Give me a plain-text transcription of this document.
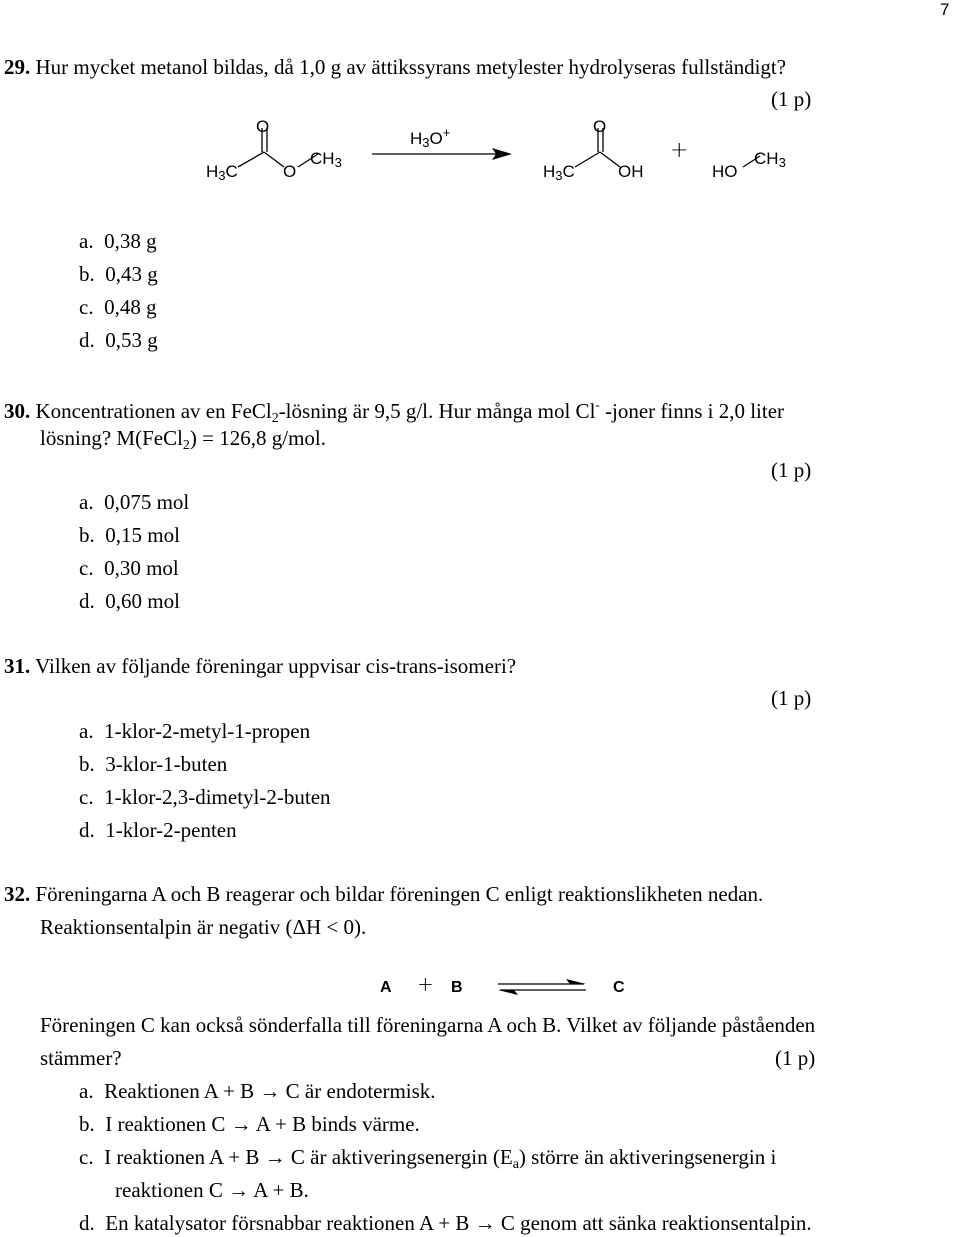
7
29. Hur mycket metanol bildas, då 1,0 g av ättikssyrans metylester hydrolyseras fullständigt?
(1 p)
O
H3C	O
CH3
H3O+	O
H3C	OH
+
HO
CH3
a. 0,38 g
b. 0,43 g
c. 0,48 g
d. 0,53 g
30. Koncentrationen av en FeCl$_2$-lösning är 9,5 g/l. Hur många mol Cl- -joner finns i 2,0 liter
lösning? M(FeCl$_2$) = 126,8 g/mol.
(1 p)
a. 0,075 mol
b. 0,15 mol
c. 0,30 mol
d. 0,60 mol
31. Vilken av följande föreningar uppvisar cis-trans-isomeri?
(1 p)
a. 1-klor-2-metyl-1-propen
b. 3-klor-1-buten
c. 1-klor-2,3-dimetyl-2-buten
d. 1-klor-2-penten
32. Föreningarna A och B reagerar och bildar föreningen C enligt reaktionslikheten nedan.
Reaktionsentalpin är negativ (ΔH < 0).
A + B	C
Föreningen C kan också sönderfalla till föreningarna A och B. Vilket av följande påståenden
stämmer?	(1 p)
a. Reaktionen A + B → C är endotermisk.
b. I reaktionen C → A + B binds värme.
c. I reaktionen A + B → C är aktiveringsenergin $(E_a)$ större än aktiveringsenergin i
reaktionen C → A + B.
d. En katalysator försnabbar reaktionen A + B → C genom att sänka reaktionsentalpin.
